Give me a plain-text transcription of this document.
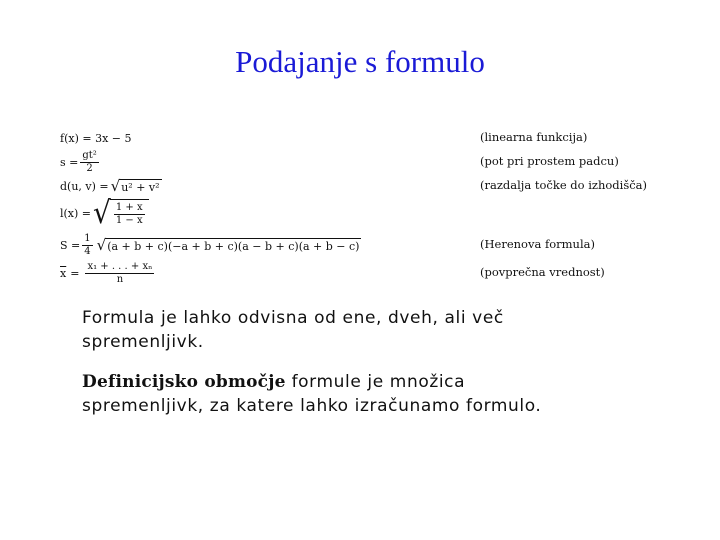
Podajanje s formulo
f(x) = 3x − 5	(linearna funkcija)
$s = \frac{\text{gt²}}{2}$	(pot pri prostem padcu)
d(u, v) = √ u² + v²	(razdalja točke do izhodišča)
l(x) = √ $\frac{1 + x}{1 - x}$
$S = \frac{1}{4}$ √ (a + b + c)(−a + b + c)(a − b + c)(a + b − c)	(Herenova formula)
$\overline{x} = \frac{\text{x₁ + . . . + xₙ}}{n}$	(povprečna vrednost)
Formula je lahko odvisna od ene, dveh, ali več spremenljivk.
Definicijsko območje formule je množica spremenljivk, za katere lahko izračunamo formulo.
